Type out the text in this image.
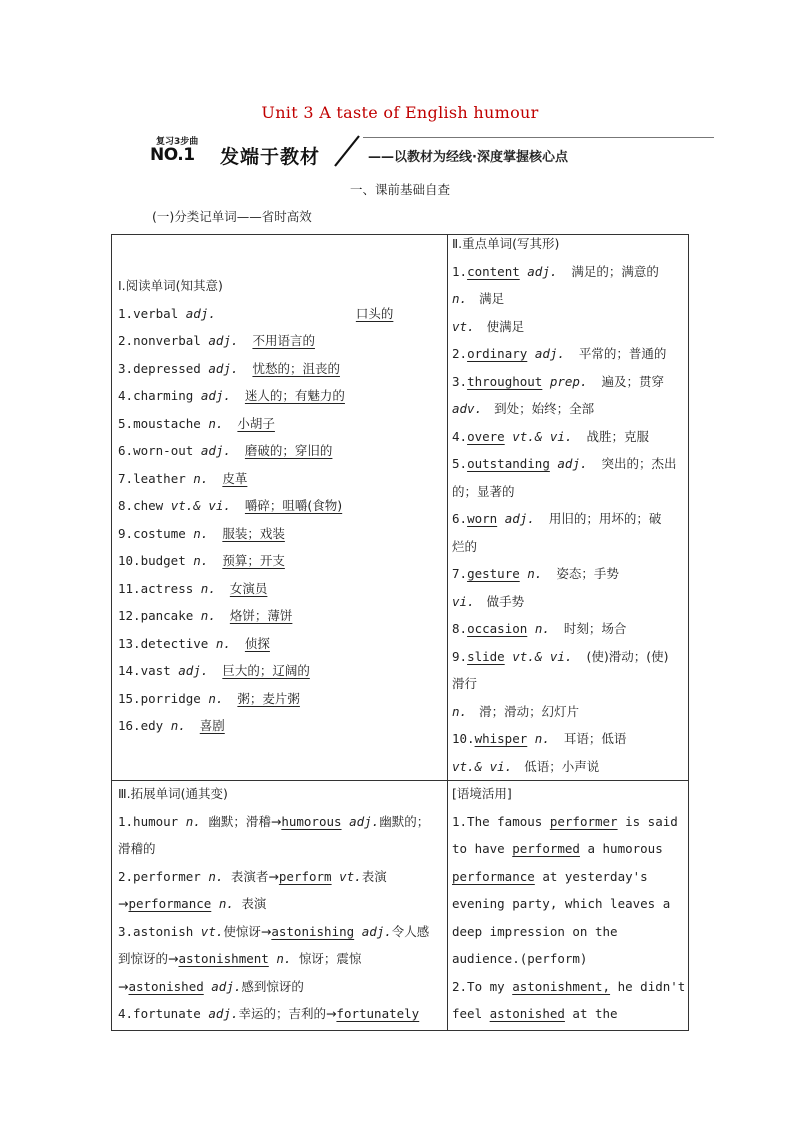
Unit 3 A taste of English humour
复习3步曲
NO.1 发端于教材	——以教材为经线·深度掌握核心点
一、课前基础自查
(一)分类记单词——省时高效
Ⅰ.阅读单词(知其意)
1.verbal adj.	口头的
2.nonverbal adj. 不用语言的
3.depressed adj. 忧愁的；沮丧的
4.charming adj. 迷人的；有魅力的
5.moustache n. 小胡子
6.worn-out adj. 磨破的；穿旧的
7.leather n. 皮革
8.chew vt.& vi. 嚼碎；咀嚼(食物)
9.costume n. 服装；戏装
10.budget n. 预算；开支
11.actress n. 女演员
12.pancake n. 烙饼；薄饼
13.detective n. 侦探
14.vast adj. 巨大的；辽阔的
15.porridge n. 粥；麦片粥
16.edy n. 喜剧
Ⅱ.重点单词(写其形)
1.content adj. 满足的；满意的
n. 满足
vt. 使满足
2.ordinary adj. 平常的；普通的
3.throughout prep. 遍及；贯穿
adv. 到处；始终；全部
4.overe vt.& vi. 战胜；克服
5.outstanding adj. 突出的；杰出
的；显著的
6.worn adj. 用旧的；用坏的；破
烂的
7.gesture n. 姿态；手势
vi. 做手势
8.occasion n. 时刻；场合
9.slide vt.& vi. (使)滑动；(使)
滑行
n. 滑；滑动；幻灯片
10.whisper n. 耳语；低语
vt.& vi. 低语；小声说
Ⅲ.拓展单词(通其变)
1.humour n. 幽默；滑稽→humorous adj.幽默的；
滑稽的
2.performer n. 表演者→perform vt.表演
→performance n. 表演
3.astonish vt.使惊讶→astonishing adj.令人感
到惊讶的→astonishment n. 惊讶；震惊
→astonished adj.感到惊讶的
4.fortunate adj.幸运的；吉利的→fortunately
[语境活用]
1.The famous performer is said
to have performed a humorous
performance at yesterday's
evening party, which leaves a
deep impression on the
audience.(perform)
2.To my astonishment, he didn't
feel astonished at the
